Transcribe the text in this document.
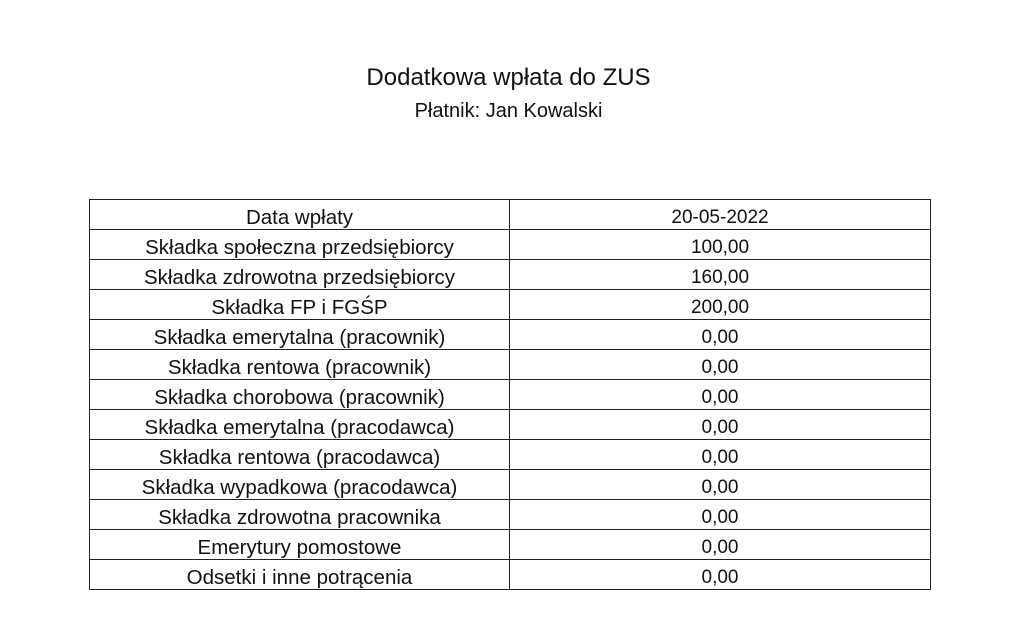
Dodatkowa wpłata do ZUS
Płatnik: Jan Kowalski
Data wpłaty	20-05-2022
Składka społeczna przedsiębiorcy	100,00
Składka zdrowotna przedsiębiorcy	160,00
Składka FP i FGŚP	200,00
Składka emerytalna (pracownik)	0,00
Składka rentowa (pracownik)	0,00
Składka chorobowa (pracownik)	0,00
Składka emerytalna (pracodawca)	0,00
Składka rentowa (pracodawca)	0,00
Składka wypadkowa (pracodawca)	0,00
Składka zdrowotna pracownika	0,00
Emerytury pomostowe	0,00
Odsetki i inne potrącenia	0,00
